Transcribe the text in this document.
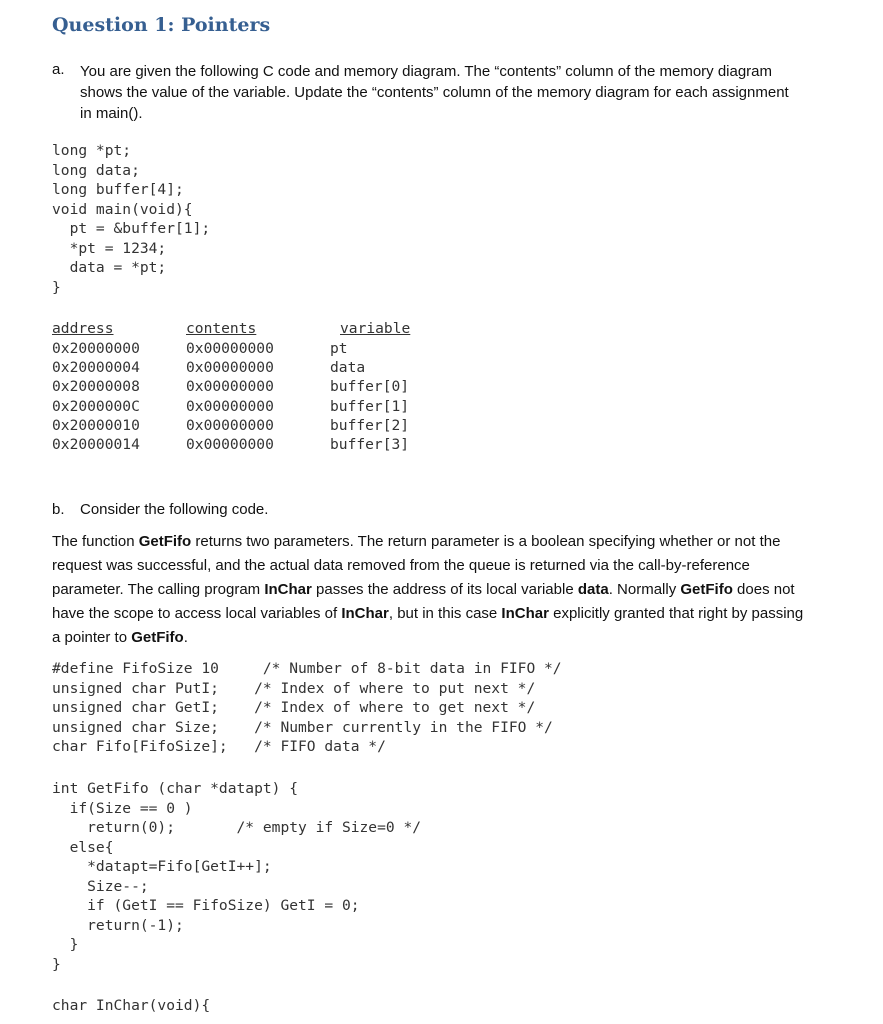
Question 1: Pointers
a. You are given the following C code and memory diagram. The “contents” column of the memory diagram shows the value of the variable. Update the “contents” column of the memory diagram for each assignment in main().
long *pt;
long data;
long buffer[4];
void main(void){
pt = &buffer[1];
*pt = 1234;
data = *pt;
}
address
0x20000000
0x20000004
0x20000008
0x2000000C
0x20000010
0x20000014
contents
0x00000000
0x00000000
0x00000000
0x00000000
0x00000000
0x00000000
variable
pt
data
buffer[0]
buffer[1]
buffer[2]
buffer[3]
b. Consider the following code.
The function GetFifo returns two parameters. The return parameter is a boolean specifying whether or not the request was successful, and the actual data removed from the queue is returned via the call-by-reference parameter. The calling program InChar passes the address of its local variable data. Normally GetFifo does not have the scope to access local variables of InChar, but in this case InChar explicitly granted that right by passing a pointer to GetFifo.
#define FifoSize 10     /* Number of 8-bit data in FIFO */
unsigned char PutI;    /* Index of where to put next */
unsigned char GetI;    /* Index of where to get next */
unsigned char Size;    /* Number currently in the FIFO */
char Fifo[FifoSize];   /* FIFO data */
int GetFifo (char *datapt) {
if(Size == 0 )
return(0);       /* empty if Size=0 */
else{
*datapt=Fifo[GetI++];
Size--;
if (GetI == FifoSize) GetI = 0;
return(-1);
}
}
char InChar(void){
